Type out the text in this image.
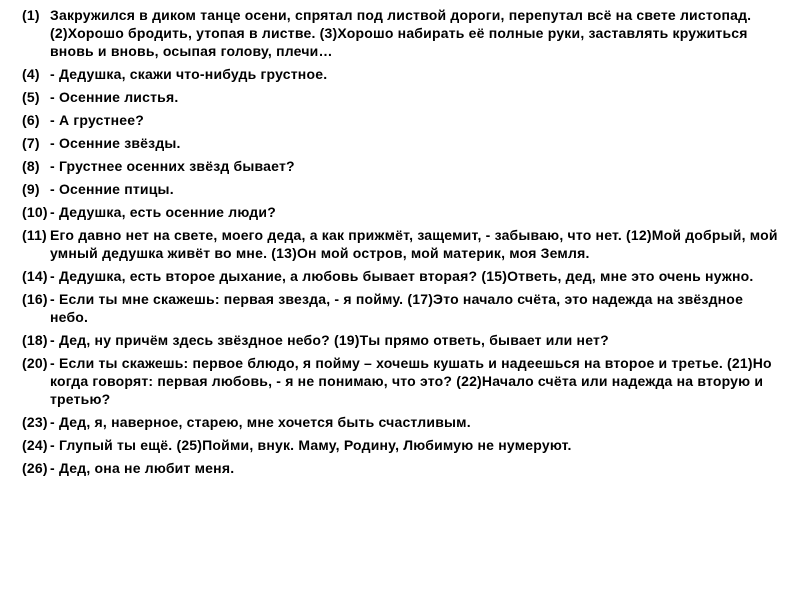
(1) Закружился в диком танце осени, спрятал под листвой дороги, перепутал всё на свете листопад. (2)Хорошо бродить, утопая в листве. (3)Хорошо набирать её полные руки, заставлять кружиться вновь и вновь, осыпая голову, плечи…
(4) - Дедушка, скажи что-нибудь грустное.
(5) - Осенние листья.
(6) - А грустнее?
(7) - Осенние звёзды.
(8) - Грустнее осенних звёзд бывает?
(9) - Осенние птицы.
(10) - Дедушка, есть осенние люди?
(11) Его давно нет на свете, моего деда, а как прижмёт, защемит, - забываю, что нет. (12)Мой добрый, мой умный дедушка живёт во мне. (13)Он мой остров, мой материк, моя Земля.
(14) - Дедушка, есть второе дыхание, а любовь бывает вторая? (15)Ответь, дед, мне это очень нужно.
(16) - Если ты мне скажешь: первая звезда, - я пойму. (17)Это начало счёта, это надежда на звёздное небо.
(18) - Дед, ну причём здесь звёздное небо? (19)Ты прямо ответь, бывает или нет?
(20) - Если ты скажешь: первое блюдо, я пойму – хочешь кушать и надеешься на второе и третье. (21)Но когда говорят: первая любовь, - я не понимаю, что это? (22)Начало счёта или надежда на вторую и третью?
(23) - Дед, я, наверное, старею, мне хочется быть счастливым.
(24) - Глупый ты ещё. (25)Пойми, внук. Маму, Родину, Любимую не нумеруют.
(26) - Дед, она не любит меня.
